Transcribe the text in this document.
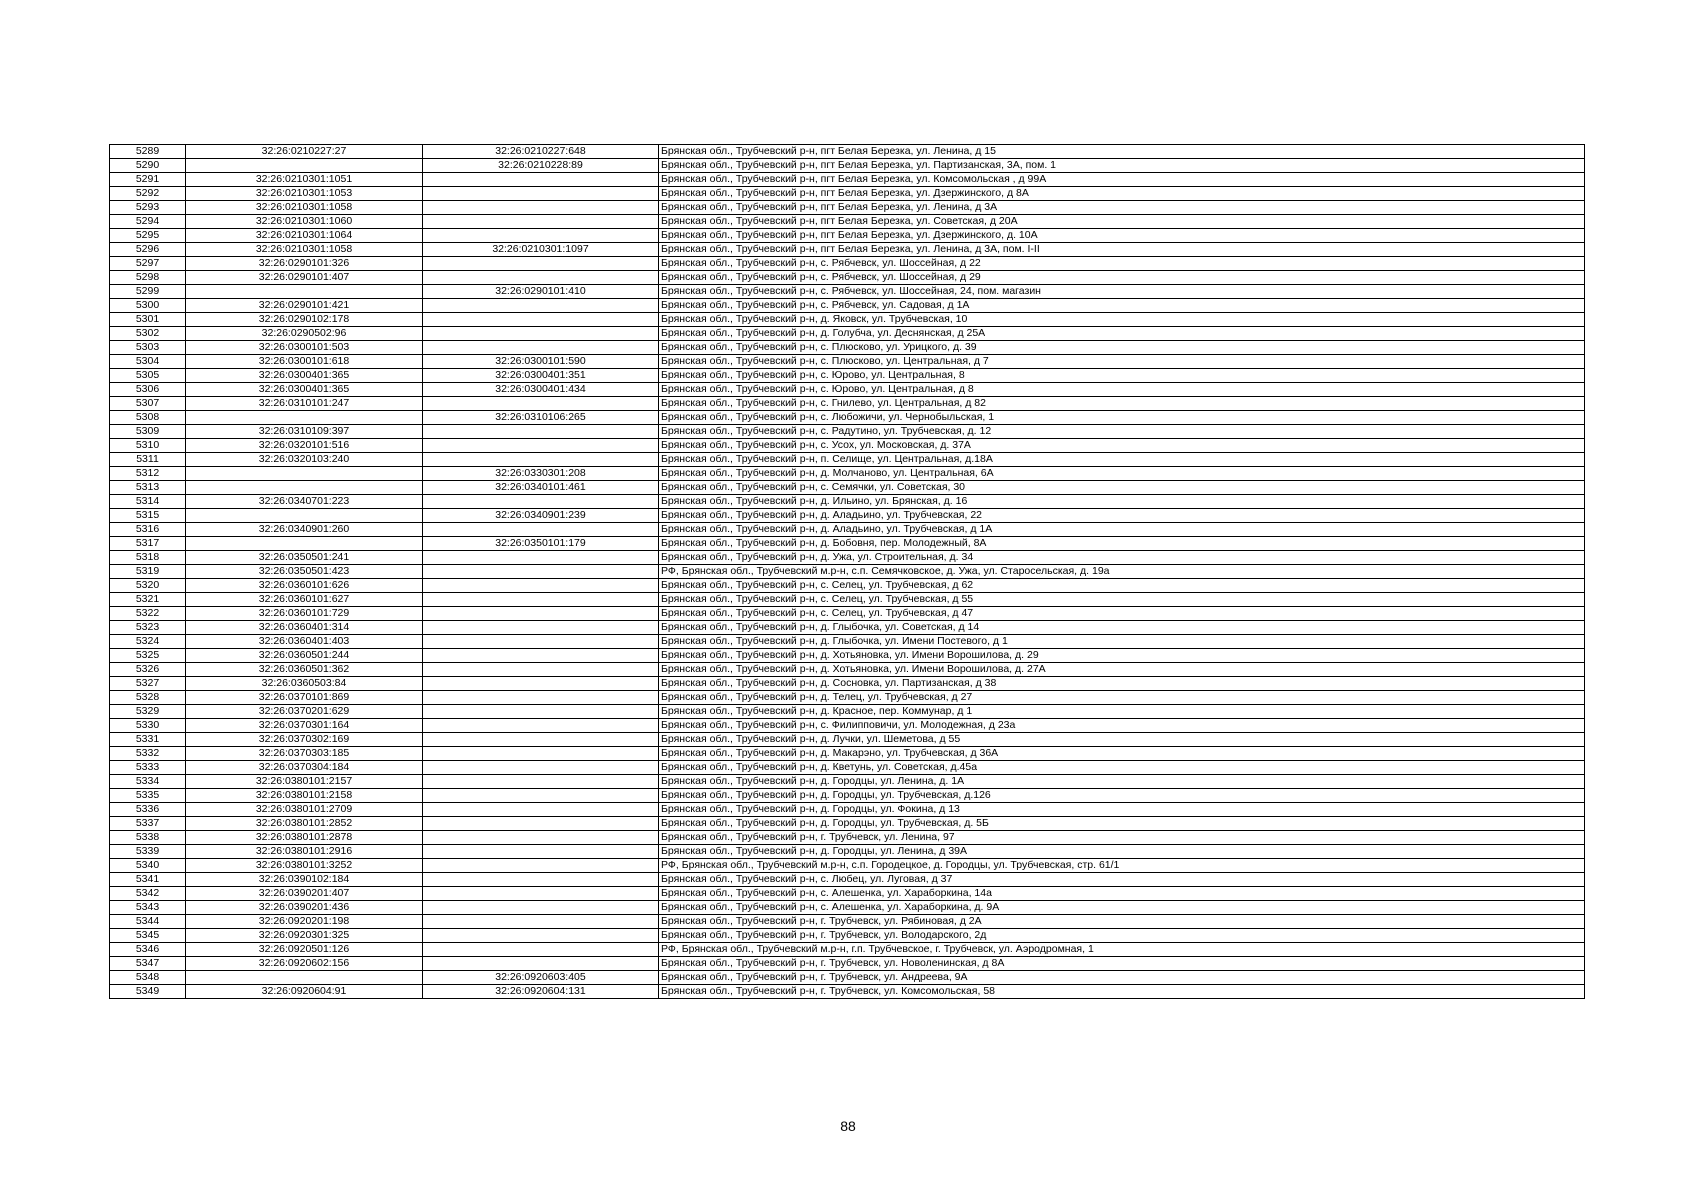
5289	32:26:0210227:27	32:26:0210227:648	Брянская обл., Трубчевский р-н, пгт Белая Березка, ул. Ленина, д 15
5290		32:26:0210228:89	Брянская обл., Трубчевский р-н, пгт Белая Березка, ул. Партизанская, 3А, пом. 1
5291	32:26:0210301:1051		Брянская обл., Трубчевский р-н, пгт Белая Березка, ул. Комсомольская , д 99А
5292	32:26:0210301:1053		Брянская обл., Трубчевский р-н, пгт Белая Березка, ул. Дзержинского, д 8А
5293	32:26:0210301:1058		Брянская обл., Трубчевский р-н, пгт Белая Березка, ул. Ленина, д 3А
5294	32:26:0210301:1060		Брянская обл., Трубчевский р-н, пгт Белая Березка, ул. Советская, д 20А
5295	32:26:0210301:1064		Брянская обл., Трубчевский р-н, пгт Белая Березка, ул. Дзержинского, д. 10А
5296	32:26:0210301:1058	32:26:0210301:1097	Брянская обл., Трубчевский р-н, пгт Белая Березка, ул. Ленина, д 3А, пом. I-II
5297	32:26:0290101:326		Брянская обл., Трубчевский р-н, с. Рябчевск, ул. Шоссейная, д 22
5298	32:26:0290101:407		Брянская обл., Трубчевский р-н, с. Рябчевск, ул. Шоссейная, д 29
5299		32:26:0290101:410	Брянская обл., Трубчевский р-н, с. Рябчевск, ул. Шоссейная, 24, пом. магазин
5300	32:26:0290101:421		Брянская обл., Трубчевский р-н, с. Рябчевск, ул. Садовая, д 1А
5301	32:26:0290102:178		Брянская обл., Трубчевский р-н, д. Яковск, ул. Трубчевская, 10
5302	32:26:0290502:96		Брянская обл., Трубчевский р-н, д. Голубча, ул. Деснянская, д 25А
5303	32:26:0300101:503		Брянская обл., Трубчевский р-н, с. Плюсково, ул. Урицкого, д. 39
5304	32:26:0300101:618	32:26:0300101:590	Брянская обл., Трубчевский р-н, с. Плюсково, ул. Центральная, д 7
5305	32:26:0300401:365	32:26:0300401:351	Брянская обл., Трубчевский р-н, с. Юрово, ул. Центральная, 8
5306	32:26:0300401:365	32:26:0300401:434	Брянская обл., Трубчевский р-н, с. Юрово, ул. Центральная, д 8
5307	32:26:0310101:247		Брянская обл., Трубчевский р-н, с. Гнилево, ул. Центральная, д 82
5308		32:26:0310106:265	Брянская обл., Трубчевский р-н, с. Любожичи, ул. Чернобыльская, 1
5309	32:26:0310109:397		Брянская обл., Трубчевский р-н, с. Радутино, ул. Трубчевская, д. 12
5310	32:26:0320101:516		Брянская обл., Трубчевский р-н, с. Усох, ул. Московская, д. 37А
5311	32:26:0320103:240		Брянская обл., Трубчевский р-н, п. Селище, ул. Центральная, д.18А
5312		32:26:0330301:208	Брянская обл., Трубчевский р-н, д. Молчаново, ул. Центральная, 6А
5313		32:26:0340101:461	Брянская обл., Трубчевский р-н, с. Семячки, ул. Советская, 30
5314	32:26:0340701:223		Брянская обл., Трубчевский р-н, д. Ильино, ул. Брянская, д. 16
5315		32:26:0340901:239	Брянская обл., Трубчевский р-н, д. Аладьино, ул. Трубчевская, 22
5316	32:26:0340901:260		Брянская обл., Трубчевский р-н, д. Аладьино, ул. Трубчевская, д 1А
5317		32:26:0350101:179	Брянская обл., Трубчевский р-н, д. Бобовня, пер. Молодежный, 8А
5318	32:26:0350501:241		Брянская обл., Трубчевский р-н, д. Ужа, ул. Строительная, д. 34
5319	32:26:0350501:423		РФ, Брянская обл., Трубчевский м.р-н, с.п. Семячковское, д. Ужа, ул. Старосельская, д. 19а
5320	32:26:0360101:626		Брянская обл., Трубчевский р-н, с. Селец, ул. Трубчевская, д 62
5321	32:26:0360101:627		Брянская обл., Трубчевский р-н, с. Селец, ул. Трубчевская, д 55
5322	32:26:0360101:729		Брянская обл., Трубчевский р-н, с. Селец, ул. Трубчевская, д 47
5323	32:26:0360401:314		Брянская обл., Трубчевский р-н, д. Глыбочка, ул. Советская, д 14
5324	32:26:0360401:403		Брянская обл., Трубчевский р-н, д. Глыбочка, ул. Имени Постевого, д 1
5325	32:26:0360501:244		Брянская обл., Трубчевский р-н, д. Хотьяновка, ул. Имени Ворошилова, д. 29
5326	32:26:0360501:362		Брянская обл., Трубчевский р-н, д. Хотьяновка, ул. Имени Ворошилова, д. 27А
5327	32:26:0360503:84		Брянская обл., Трубчевский р-н, д. Сосновка, ул. Партизанская, д 38
5328	32:26:0370101:869		Брянская обл., Трубчевский р-н, д. Телец, ул. Трубчевская, д 27
5329	32:26:0370201:629		Брянская обл., Трубчевский р-н, д. Красное, пер. Коммунар, д 1
5330	32:26:0370301:164		Брянская обл., Трубчевский р-н, с. Филипповичи, ул. Молодежная, д 23а
5331	32:26:0370302:169		Брянская обл., Трубчевский р-н, д. Лучки, ул. Шеметова, д 55
5332	32:26:0370303:185		Брянская обл., Трубчевский р-н, д. Макарэно, ул. Трубчевская, д 36А
5333	32:26:0370304:184		Брянская обл., Трубчевский р-н, д. Кветунь, ул. Советская, д.45а
5334	32:26:0380101:2157		Брянская обл., Трубчевский р-н, д. Городцы, ул. Ленина, д. 1А
5335	32:26:0380101:2158		Брянская обл., Трубчевский р-н, д. Городцы, ул. Трубчевская, д.126
5336	32:26:0380101:2709		Брянская обл., Трубчевский р-н, д. Городцы, ул. Фокина, д 13
5337	32:26:0380101:2852		Брянская обл., Трубчевский р-н, д. Городцы, ул. Трубчевская, д. 5Б
5338	32:26:0380101:2878		Брянская обл., Трубчевский р-н, г. Трубчевск, ул. Ленина, 97
5339	32:26:0380101:2916		Брянская обл., Трубчевский р-н, д. Городцы, ул. Ленина, д 39А
5340	32:26:0380101:3252		РФ, Брянская обл., Трубчевский м.р-н, с.п. Городецкое, д. Городцы, ул. Трубчевская, стр. 61/1
5341	32:26:0390102:184		Брянская обл., Трубчевский р-н, с. Любец, ул. Луговая, д 37
5342	32:26:0390201:407		Брянская обл., Трубчевский р-н, с. Алешенка, ул. Хараборкина, 14а
5343	32:26:0390201:436		Брянская обл., Трубчевский р-н, с. Алешенка, ул. Хараборкина, д. 9А
5344	32:26:0920201:198		Брянская обл., Трубчевский р-н, г. Трубчевск, ул. Рябиновая, д 2А
5345	32:26:0920301:325		Брянская обл., Трубчевский р-н, г. Трубчевск, ул. Володарского, 2д
5346	32:26:0920501:126		РФ, Брянская обл., Трубчевский м.р-н, г.п. Трубчевское, г. Трубчевск, ул. Аэродромная, 1
5347	32:26:0920602:156		Брянская обл., Трубчевский р-н, г. Трубчевск, ул. Новоленинская, д 8А
5348		32:26:0920603:405	Брянская обл., Трубчевский р-н, г. Трубчевск, ул. Андреева, 9А
5349	32:26:0920604:91	32:26:0920604:131	Брянская обл., Трубчевский р-н, г. Трубчевск, ул. Комсомольская, 58
88
